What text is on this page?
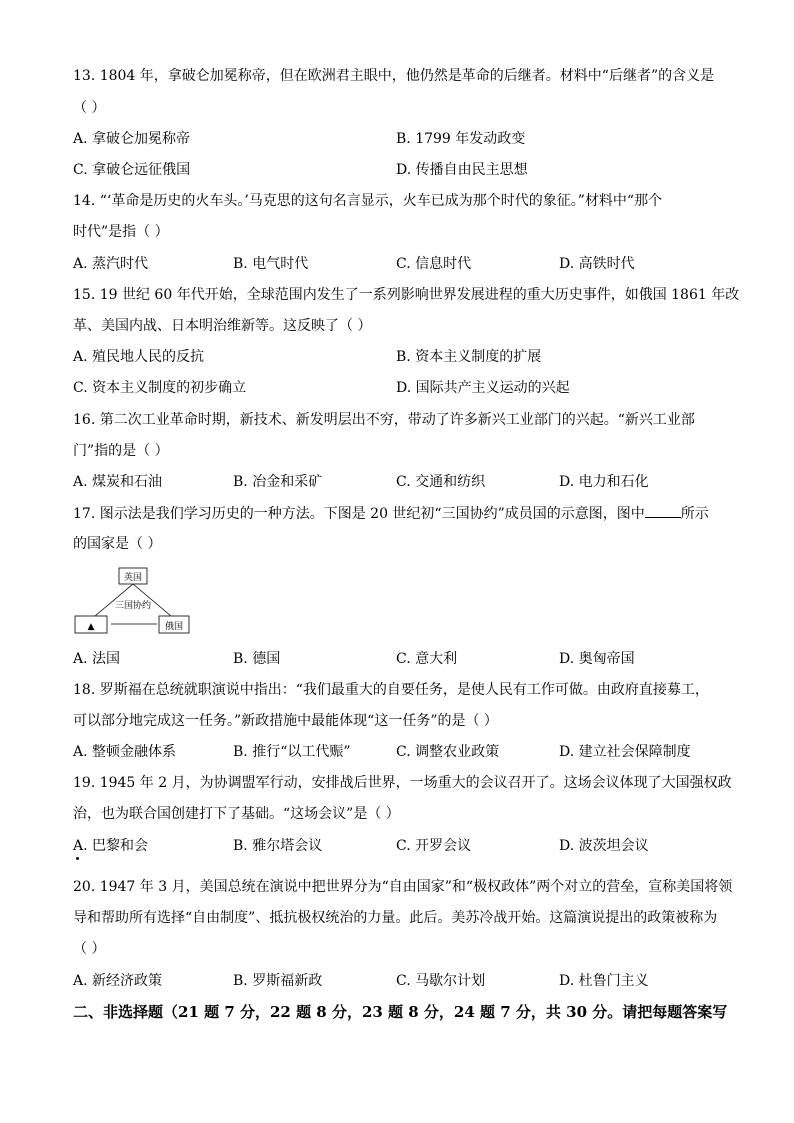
13. 1804 年，拿破仑加冕称帝，但在欧洲君主眼中，他仍然是革命的后继者。材料中“后继者”的含义是
（ ）
A. 拿破仑加冕称帝	B. 1799 年发动政变
C. 拿破仑远征俄国	D. 传播自由民主思想
14. “‘革命是历史的火车头。’马克思的这句名言显示，火车已成为那个时代的象征。”材料中“那个
时代”是指（ ）
A. 蒸汽时代	B. 电气时代	C. 信息时代	D. 高铁时代
15. 19 世纪 60 年代开始，全球范围内发生了一系列影响世界发展进程的重大历史事件，如俄国 1861 年改
革、美国内战、日本明治维新等。这反映了（ ）
A. 殖民地人民的反抗	B. 资本主义制度的扩展
C. 资本主义制度的初步确立	D. 国际共产主义运动的兴起
16. 第二次工业革命时期，新技术、新发明层出不穷，带动了许多新兴工业部门的兴起。“新兴工业部
门”指的是（ ）
A. 煤炭和石油	B. 冶金和采矿	C. 交通和纺织	D. 电力和石化
17. 图示法是我们学习历史的一种方法。下图是 20 世纪初“三国协约”成员国的示意图，图中	所示
的国家是（ ）
英国
三国协约
▲	俄国
A. 法国	B. 德国	C. 意大利	D. 奥匈帝国
18. 罗斯福在总统就职演说中指出：“我们最重大的自要任务，是使人民有工作可做。由政府直接募工，
可以部分地完成这一任务。”新政措施中最能体现“这一任务”的是（ ）
A. 整顿金融体系	B. 推行“以工代赈”	C. 调整农业政策	D. 建立社会保障制度
19. 1945 年 2 月，为协调盟军行动，安排战后世界，一场重大的会议召开了。这场会议体现了大国强权政
治，也为联合国创建打下了基础。“这场会议”是（ ）
A. 巴黎和会	B. 雅尔塔会议	C. 开罗会议	D. 波茨坦会议
20. 1947 年 3 月，美国总统在演说中把世界分为“自由国家”和“极权政体”两个对立的营垒，宣称美国将领
导和帮助所有选择“自由制度”、抵抗极权统治的力量。此后。美苏冷战开始。这篇演说提出的政策被称为
（ ）
A. 新经济政策	B. 罗斯福新政	C. 马歇尔计划	D. 杜鲁门主义
二、非选择题（21 题 7 分，22 题 8 分，23 题 8 分，24 题 7 分，共 30 分。请把每题答案写
